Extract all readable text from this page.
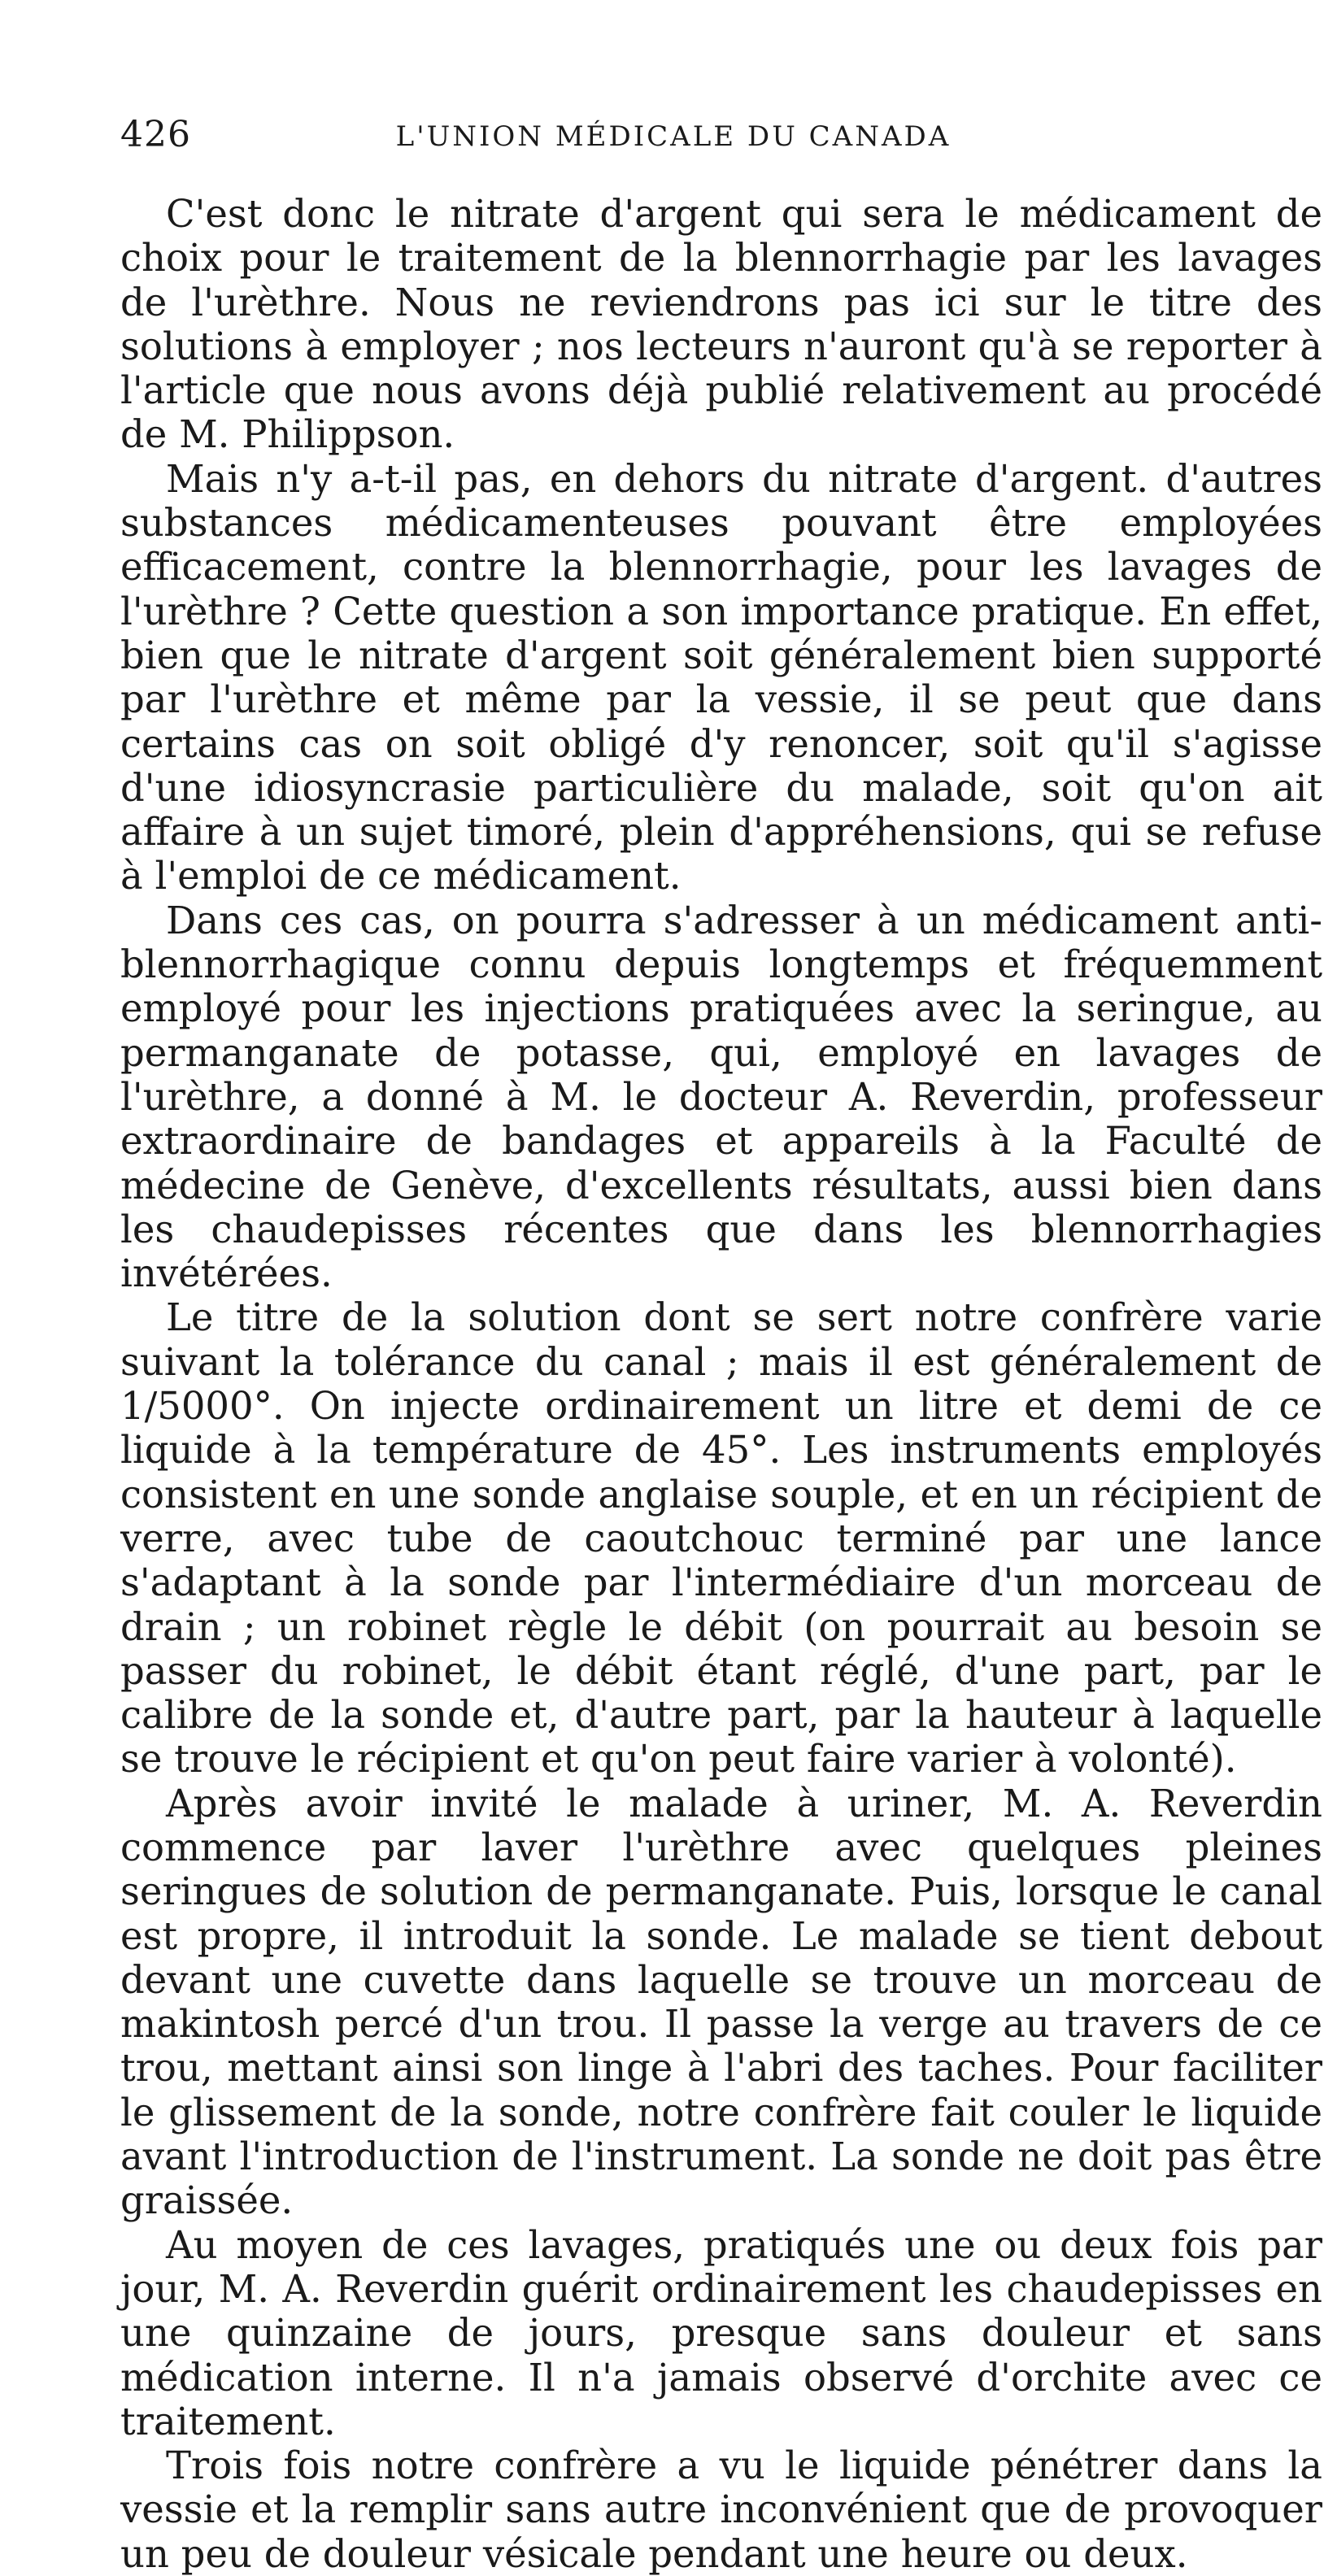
426	L'UNION MÉDICALE DU CANADA

C'est donc le nitrate d'argent qui sera le médicament de choix pour le traitement de la blennorrhagie par les lavages de l'urèthre. Nous ne reviendrons pas ici sur le titre des solutions à employer ; nos lecteurs n'auront qu'à se reporter à l'article que nous avons déjà publié relativement au procédé de M. Philippson.

Mais n'y a-t-il pas, en dehors du nitrate d'argent. d'autres substances médicamenteuses pouvant être employées efficacement, contre la blennorrhagie, pour les lavages de l'urèthre ? Cette question a son importance pratique. En effet, bien que le nitrate d'argent soit généralement bien supporté par l'urèthre et même par la vessie, il se peut que dans certains cas on soit obligé d'y renoncer, soit qu'il s'agisse d'une idiosyncrasie particulière du malade, soit qu'on ait affaire à un sujet timoré, plein d'appréhensions, qui se refuse à l'emploi de ce médicament.

Dans ces cas, on pourra s'adresser à un médicament anti-blennorrhagique connu depuis longtemps et fréquemment employé pour les injections pratiquées avec la seringue, au permanganate de potasse, qui, employé en lavages de l'urèthre, a donné à M. le docteur A. Reverdin, professeur extraordinaire de bandages et appareils à la Faculté de médecine de Genève, d'excellents résultats, aussi bien dans les chaudepisses récentes que dans les blennorrhagies invétérées.

Le titre de la solution dont se sert notre confrère varie suivant la tolérance du canal ; mais il est généralement de 1/5000°. On injecte ordinairement un litre et demi de ce liquide à la température de 45°. Les instruments employés consistent en une sonde anglaise souple, et en un récipient de verre, avec tube de caoutchouc terminé par une lance s'adaptant à la sonde par l'intermédiaire d'un morceau de drain ; un robinet règle le débit (on pourrait au besoin se passer du robinet, le débit étant réglé, d'une part, par le calibre de la sonde et, d'autre part, par la hauteur à laquelle se trouve le récipient et qu'on peut faire varier à volonté).

Après avoir invité le malade à uriner, M. A. Reverdin commence par laver l'urèthre avec quelques pleines seringues de solution de permanganate. Puis, lorsque le canal est propre, il introduit la sonde. Le malade se tient debout devant une cuvette dans laquelle se trouve un morceau de makintosh percé d'un trou. Il passe la verge au travers de ce trou, mettant ainsi son linge à l'abri des taches. Pour faciliter le glissement de la sonde, notre confrère fait couler le liquide avant l'introduction de l'instrument. La sonde ne doit pas être graissée.

Au moyen de ces lavages, pratiqués une ou deux fois par jour, M. A. Reverdin guérit ordinairement les chaudepisses en une quinzaine de jours, presque sans douleur et sans médication interne. Il n'a jamais observé d'orchite avec ce traitement.

Trois fois notre confrère a vu le liquide pénétrer dans la vessie et la remplir sans autre inconvénient que de provoquer un peu de douleur vésicale pendant une heure ou deux.
